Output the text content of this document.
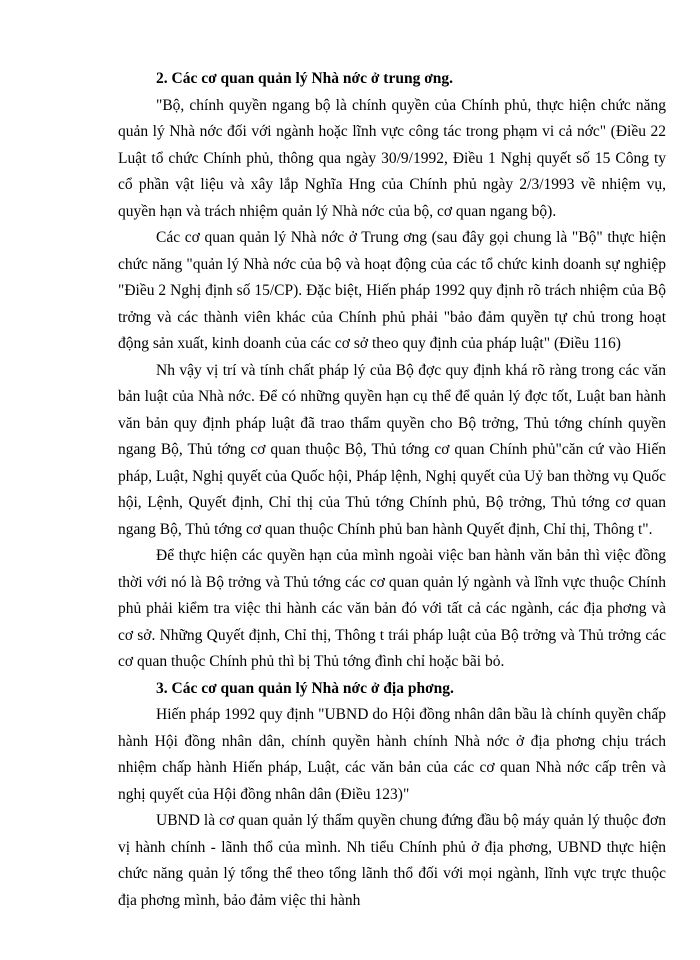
2. Các cơ quan quản lý Nhà nớc ở trung ơng.

"Bộ, chính quyền ngang bộ là chính quyền của Chính phủ, thực hiện chức năng quản lý Nhà nớc đối với ngành hoặc lĩnh vực công tác trong phạm vi cả nớc" (Điều 22 Luật tổ chức Chính phủ, thông qua ngày 30/9/1992, Điều 1 Nghị quyết số 15 Công ty cổ phần vật liệu và xây lắp Nghĩa Hng của Chính phủ ngày 2/3/1993 về nhiệm vụ, quyền hạn và trách nhiệm quản lý Nhà nớc của bộ, cơ quan ngang bộ).

Các cơ quan quản lý Nhà nớc ở Trung ơng (sau đây gọi chung là "Bộ" thực hiện chức năng "quản lý Nhà nớc của bộ và hoạt động của các tổ chức kinh doanh sự nghiệp "Điều 2 Nghị định số 15/CP). Đặc biệt, Hiến pháp 1992 quy định rõ trách nhiệm của Bộ trởng và các thành viên khác của Chính phủ phải "bảo đảm quyền tự chủ trong hoạt động sản xuất, kinh doanh của các cơ sở theo quy định của pháp luật" (Điều 116)

Nh vậy vị trí và tính chất pháp lý của Bộ đợc quy định khá rõ ràng trong các văn bản luật của Nhà nớc. Để có những quyền hạn cụ thể để quản lý đợc tốt, Luật ban hành văn bản quy định pháp luật đã trao thẩm quyền cho Bộ trởng, Thủ tớng chính quyền ngang Bộ, Thủ tớng cơ quan thuộc Bộ, Thủ tớng cơ quan Chính phủ"căn cứ vào Hiến pháp, Luật, Nghị quyết của Quốc hội, Pháp lệnh, Nghị quyết của Uỷ ban thờng vụ Quốc hội, Lệnh, Quyết định, Chỉ thị của Thủ tớng Chính phủ, Bộ trởng, Thủ tớng cơ quan ngang Bộ, Thủ tớng cơ quan thuộc Chính phủ ban hành Quyết định, Chỉ thị, Thông t".

Để thực hiện các quyền hạn của mình ngoài việc ban hành văn bản thì việc đồng thời với nó là Bộ trởng và Thủ tớng các cơ quan quản lý ngành và lĩnh vực thuộc Chính phủ phải kiểm tra việc thi hành các văn bản đó với tất cả các ngành, các địa phơng và cơ sở. Những Quyết định, Chỉ thị, Thông t trái pháp luật của Bộ trởng và Thủ trởng các cơ quan thuộc Chính phủ thì bị Thủ tớng đình chỉ hoặc bãi bỏ.

3. Các cơ quan quản lý Nhà nớc ở địa phơng.

Hiến pháp 1992 quy định "UBND do Hội đồng nhân dân bầu là chính quyền chấp hành Hội đồng nhân dân, chính quyền hành chính Nhà nớc ở địa phơng chịu trách nhiệm chấp hành Hiến pháp, Luật, các văn bản của các cơ quan Nhà nớc cấp trên và nghị quyết của Hội đồng nhân dân (Điều 123)"

UBND là cơ quan quản lý thẩm quyền chung đứng đầu bộ máy quản lý thuộc đơn vị hành chính - lãnh thổ của mình. Nh tiểu Chính phủ ở địa phơng, UBND thực hiện chức năng quản lý tổng thể theo tổng lãnh thổ đối với mọi ngành, lĩnh vực trực thuộc địa phơng mình, bảo đảm việc thi hành
